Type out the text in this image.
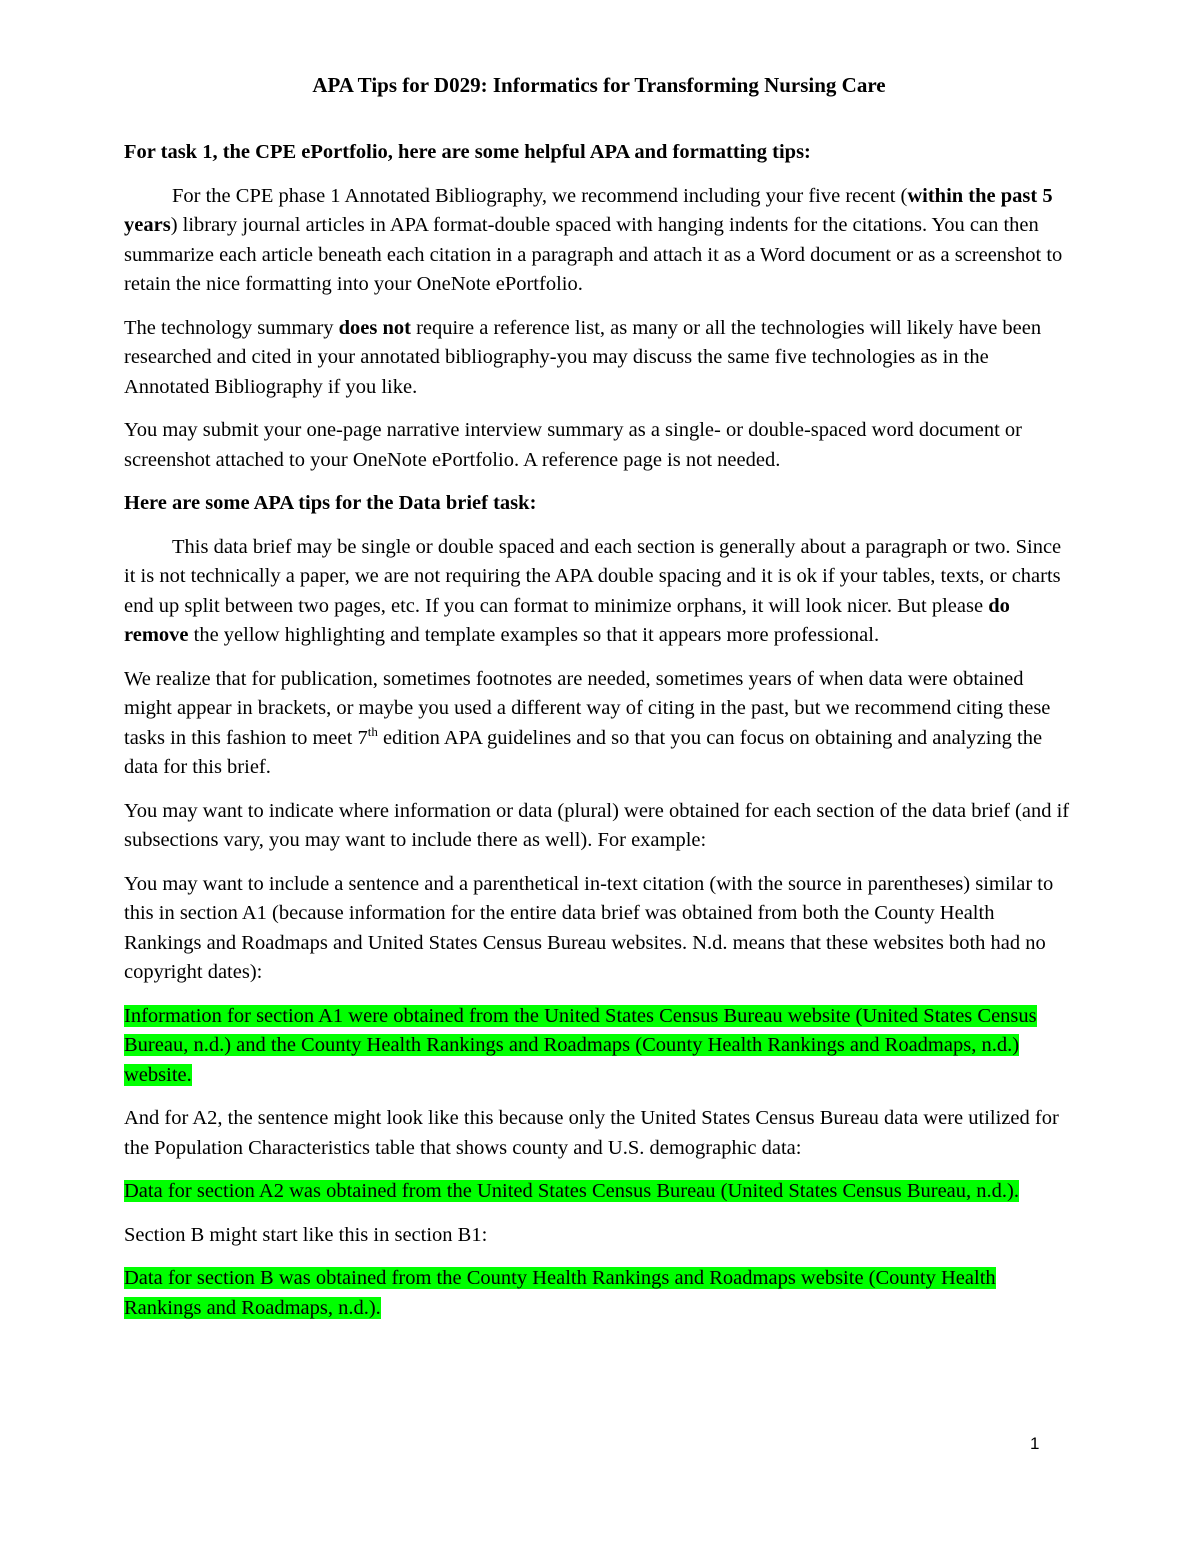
APA Tips for D029: Informatics for Transforming Nursing Care
For task 1, the CPE ePortfolio, here are some helpful APA and formatting tips:

For the CPE phase 1 Annotated Bibliography, we recommend including your five recent (within the past 5 years) library journal articles in APA format-double spaced with hanging indents for the citations. You can then summarize each article beneath each citation in a paragraph and attach it as a Word document or as a screenshot to retain the nice formatting into your OneNote ePortfolio.

The technology summary does not require a reference list, as many or all the technologies will likely have been researched and cited in your annotated bibliography-you may discuss the same five technologies as in the Annotated Bibliography if you like.

You may submit your one-page narrative interview summary as a single- or double-spaced word document or screenshot attached to your OneNote ePortfolio. A reference page is not needed.

Here are some APA tips for the Data brief task:

This data brief may be single or double spaced and each section is generally about a paragraph or two. Since it is not technically a paper, we are not requiring the APA double spacing and it is ok if your tables, texts, or charts end up split between two pages, etc. If you can format to minimize orphans, it will look nicer. But please do remove the yellow highlighting and template examples so that it appears more professional.

We realize that for publication, sometimes footnotes are needed, sometimes years of when data were obtained might appear in brackets, or maybe you used a different way of citing in the past, but we recommend citing these tasks in this fashion to meet 7th edition APA guidelines and so that you can focus on obtaining and analyzing the data for this brief.

You may want to indicate where information or data (plural) were obtained for each section of the data brief (and if subsections vary, you may want to include there as well). For example:

You may want to include a sentence and a parenthetical in-text citation (with the source in parentheses) similar to this in section A1 (because information for the entire data brief was obtained from both the County Health Rankings and Roadmaps and United States Census Bureau websites. N.d. means that these websites both had no copyright dates):

Information for section A1 were obtained from the United States Census Bureau website (United States Census Bureau, n.d.) and the County Health Rankings and Roadmaps (County Health Rankings and Roadmaps, n.d.) website.

And for A2, the sentence might look like this because only the United States Census Bureau data were utilized for the Population Characteristics table that shows county and U.S. demographic data:

Data for section A2 was obtained from the United States Census Bureau (United States Census Bureau, n.d.).

Section B might start like this in section B1:

Data for section B was obtained from the County Health Rankings and Roadmaps website (County Health Rankings and Roadmaps, n.d.).

1
